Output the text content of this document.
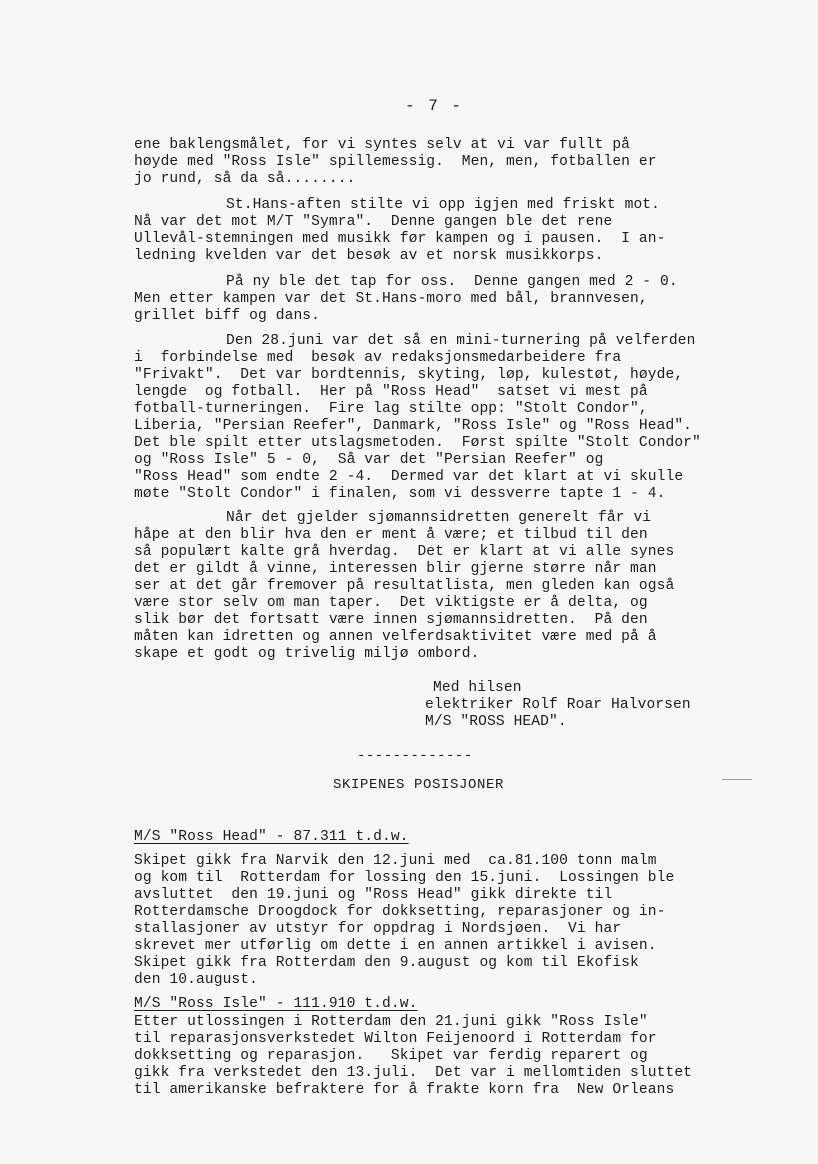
- 7 -
ene baklengsmålet, for vi syntes selv at vi var fullt på
høyde med "Ross Isle" spillemessig.  Men, men, fotballen er
jo rund, så da så........
St.Hans-aften stilte vi opp igjen med friskt mot.
Nå var det mot M/T "Symra".  Denne gangen ble det rene
Ullevål-stemningen med musikk før kampen og i pausen.  I an-
ledning kvelden var det besøk av et norsk musikkorps.
På ny ble det tap for oss.  Denne gangen med 2 - 0.
Men etter kampen var det St.Hans-moro med bål, brannvesen,
grillet biff og dans.
Den 28.juni var det så en mini-turnering på velferden
i  forbindelse med  besøk av redaksjonsmedarbeidere fra
"Frivakt".  Det var bordtennis, skyting, løp, kulestøt, høyde,
lengde  og fotball.  Her på "Ross Head"  satset vi mest på
fotball-turneringen.  Fire lag stilte opp: "Stolt Condor",
Liberia, "Persian Reefer", Danmark, "Ross Isle" og "Ross Head".
Det ble spilt etter utslagsmetoden.  Først spilte "Stolt Condor"
og "Ross Isle" 5 - 0,  Så var det "Persian Reefer" og
"Ross Head" som endte 2 -4.  Dermed var det klart at vi skulle
møte "Stolt Condor" i finalen, som vi dessverre tapte 1 - 4.
Når det gjelder sjømannsidretten generelt får vi
håpe at den blir hva den er ment å være; et tilbud til den
så populært kalte grå hverdag.  Det er klart at vi alle synes
det er gildt å vinne, interessen blir gjerne større når man
ser at det går fremover på resultatlista, men gleden kan også
være stor selv om man taper.  Det viktigste er å delta, og
slik bør det fortsatt være innen sjømannsidretten.  På den
måten kan idretten og annen velferdsaktivitet være med på å
skape et godt og trivelig miljø ombord.
Med hilsen
elektriker Rolf Roar Halvorsen
M/S "ROSS HEAD".
-------------
SKIPENES POSISJONER
M/S "Ross Head" - 87.311 t.d.w.
Skipet gikk fra Narvik den 12.juni med  ca.81.100 tonn malm
og kom til  Rotterdam for lossing den 15.juni.  Lossingen ble
avsluttet  den 19.juni og "Ross Head" gikk direkte til
Rotterdamsche Droogdock for dokksetting, reparasjoner og in-
stallasjoner av utstyr for oppdrag i Nordsjøen.  Vi har
skrevet mer utførlig om dette i en annen artikkel i avisen.
Skipet gikk fra Rotterdam den 9.august og kom til Ekofisk
den 10.august.
M/S "Ross Isle" - 111.910 t.d.w.
Etter utlossingen i Rotterdam den 21.juni gikk "Ross Isle"
til reparasjonsverkstedet Wilton Feijenoord i Rotterdam for
dokksetting og reparasjon.   Skipet var ferdig reparert og
gikk fra verkstedet den 13.juli.  Det var i mellomtiden sluttet
til amerikanske befraktere for å frakte korn fra  New Orleans
